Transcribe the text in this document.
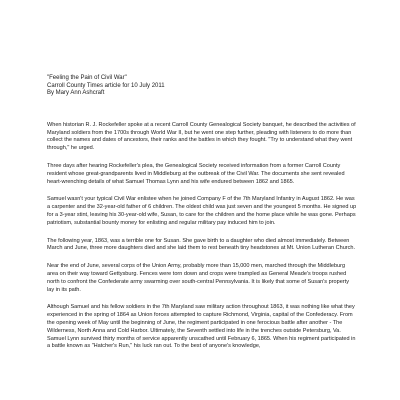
"Feeling the Pain of Civil War"

Carroll County Times article for 10 July 2011

By Mary Ann Ashcraft

When historian R. J. Rockefeller spoke at a recent Carroll County Genealogical Society banquet, he described the activities of Maryland soldiers from the 1700s through World War II, but he went one step further, pleading with listeners to do more than collect the names and dates of ancestors, their ranks and the battles in which they fought. "Try to understand what they went through," he urged.

Three days after hearing Rockefeller's plea, the Genealogical Society received information from a former Carroll County resident whose great-grandparents lived in Middleburg at the outbreak of the Civil War. The documents she sent revealed heart-wrenching details of what Samuel Thomas Lynn and his wife endured between 1862 and 1865.

Samuel wasn't your typical Civil War enlistee when he joined Company F of the 7th Maryland Infantry in August 1862. He was a carpenter and the 32-year-old father of 6 children. The oldest child was just seven and the youngest 5 months. He signed up for a 3-year stint, leaving his 30-year-old wife, Susan, to care for the children and the home place while he was gone. Perhaps patriotism, substantial bounty money for enlisting and regular military pay induced him to join.

The following year, 1863, was a terrible one for Susan. She gave birth to a daughter who died almost immediately. Between March and June, three more daughters died and she laid them to rest beneath tiny headstones at Mt. Union Lutheran Church.

Near the end of June, several corps of the Union Army, probably more than 15,000 men, marched through the Middleburg area on their way toward Gettysburg. Fences were torn down and crops were trampled as General Meade's troops rushed north to confront the Confederate army swarming over south-central Pennsylvania. It is likely that some of Susan's property lay in its path.

Although Samuel and his fellow soldiers in the 7th Maryland saw military action throughout 1863, it was nothing like what they experienced in the spring of 1864 as Union forces attempted to capture Richmond, Virginia, capital of the Confederacy. From the opening week of May until the beginning of June, the regiment participated in one ferocious battle after another - The Wilderness, North Anna and Cold Harbor. Ultimately, the Seventh settled into life in the trenches outside Petersburg, Va. Samuel Lynn survived thirty months of service apparently unscathed until February 6, 1865. When his regiment participated in a battle known as "Hatcher's Run," his luck ran out. To the best of anyone's knowledge,
